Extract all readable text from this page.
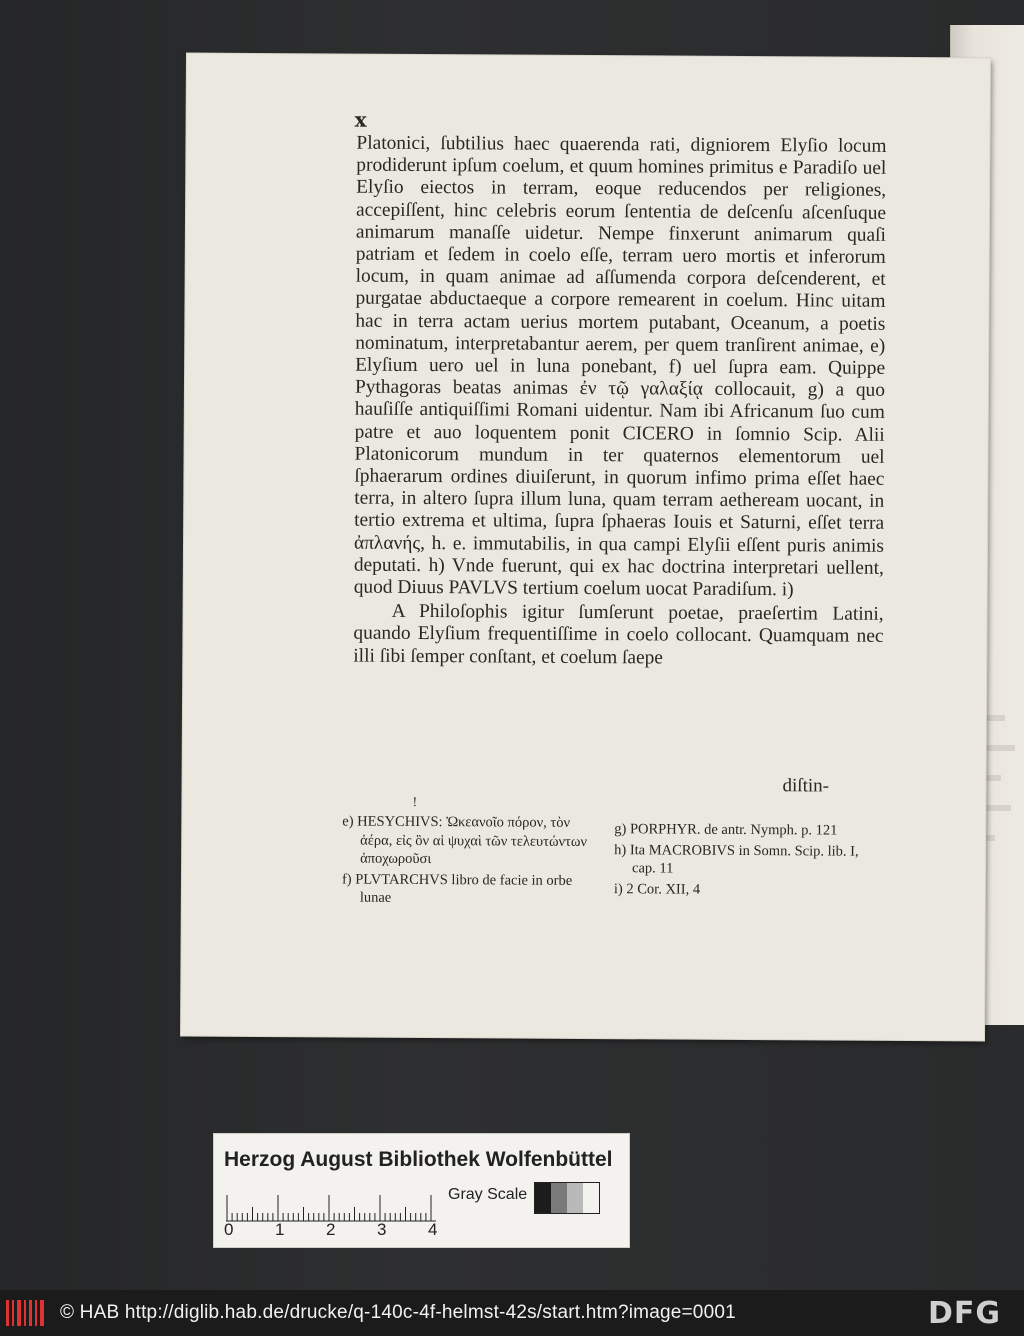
x

Platonici, ſubtilius haec quaerenda rati, digniorem Elyſio locum prodiderunt ipſum coelum, et quum homines primitus e Paradiſo uel Elyſio eiectos in terram, eoque reducendos per religiones, accepiſſent, hinc celebris eorum ſententia de deſcenſu aſcenſuque animarum manaſſe uidetur. Nempe finxerunt animarum quaſi patriam et ſedem in coelo eſſe, terram uero mortis et inferorum locum, in quam animae ad aſſumenda corpora deſcenderent, et purgatae abductaeque a corpore remearent in coelum. Hinc uitam hac in terra actam uerius mortem putabant, Oceanum, a poetis nominatum, interpretabantur aerem, per quem tranſirent animae, e) Elyſium uero uel in luna ponebant, f) uel ſupra eam. Quippe Pythagoras beatas animas ἐν τῷ γαλαξίᾳ collocauit, g) a quo hauſiſſe antiquiſſimi Romani uidentur. Nam ibi Africanum ſuo cum patre et auo loquentem ponit CICERO in ſomnio Scip. Alii Platonicorum mundum in ter quaternos elementorum uel ſphaerarum ordines diuiſerunt, in quorum infimo prima eſſet haec terra, in altero ſupra illum luna, quam terram aetheream uocant, in tertio extrema et ultima, ſupra ſphaeras Iouis et Saturni, eſſet terra ἀπλανής, h. e. immutabilis, in qua campi Elyſii eſſent puris animis deputati. h) Vnde fuerunt, qui ex hac doctrina interpretari uellent, quod Diuus PAVLVS tertium coelum uocat Paradiſum. i)

A Philoſophis igitur ſumſerunt poetae, praeſertim Latini, quando Elyſium frequentiſſime in coelo collocant. Quamquam nec illi ſibi ſemper conſtant, et coelum ſaepe

diſtin-
!

e) HESYCHIVS: Ὠκεανοῖο πόρον, τὸν ἀέρα, εἰς ὃν αἱ ψυχαὶ τῶν τελευτώντων ἀποχωροῦσι

f) PLVTARCHVS libro de facie in orbe lunae

g) PORPHYR. de antr. Nymph. p. 121

h) Ita MACROBIVS in Somn. Scip. lib. I, cap. 11

i) 2 Cor. XII, 4

Herzog August Bibliothek Wolfenbüttel
0 1 2 3 4
Gray Scale
© HAB http://diglib.hab.de/drucke/q-140c-4f-helmst-42s/start.htm?image=0001	DFG
